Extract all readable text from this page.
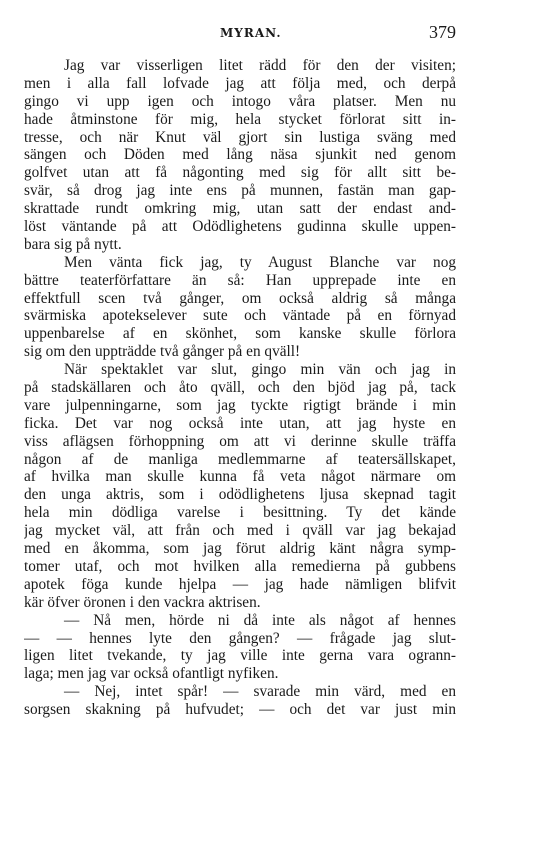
MYRAN.	379
Jag var visserligen litet rädd för den der visiten;
men i alla fall lofvade jag att följa med, och derpå
gingo vi upp igen och intogo våra platser. Men nu
hade åtminstone för mig, hela stycket förlorat sitt in-
tresse, och när Knut väl gjort sin lustiga sväng med
sängen och Döden med lång näsa sjunkit ned genom
golfvet utan att få någonting med sig för allt sitt be-
svär, så drog jag inte ens på munnen, fastän man gap-
skrattade rundt omkring mig, utan satt der endast and-
löst väntande på att Odödlighetens gudinna skulle uppen-
bara sig på nytt.
Men vänta fick jag, ty August Blanche var nog
bättre teaterförfattare än så: Han upprepade inte en
effektfull scen två gånger, om också aldrig så många
svärmiska apotekselever sute och väntade på en förnyad
uppenbarelse af en skönhet, som kanske skulle förlora
sig om den uppträdde två gånger på en qväll!
När spektaklet var slut, gingo min vän och jag in
på stadskällaren och åto qväll, och den bjöd jag på, tack
vare julpenningarne, som jag tyckte rigtigt brände i min
ficka. Det var nog också inte utan, att jag hyste en
viss aflägsen förhoppning om att vi derinne skulle träffa
någon af de manliga medlemmarne af teatersällskapet,
af hvilka man skulle kunna få veta något närmare om
den unga aktris, som i odödlighetens ljusa skepnad tagit
hela min dödliga varelse i besittning. Ty det kände
jag mycket väl, att från och med i qväll var jag bekajad
med en åkomma, som jag förut aldrig känt några symp-
tomer utaf, och mot hvilken alla remedierna på gubbens
apotek föga kunde hjelpa — jag hade nämligen blifvit
kär öfver öronen i den vackra aktrisen.
— Nå men, hörde ni då inte als något af hennes
— — hennes lyte den gången? — frågade jag slut-
ligen litet tvekande, ty jag ville inte gerna vara ogrann-
laga; men jag var också ofantligt nyfiken.
— Nej, intet spår! — svarade min värd, med en
sorgsen skakning på hufvudet; — och det var just min
